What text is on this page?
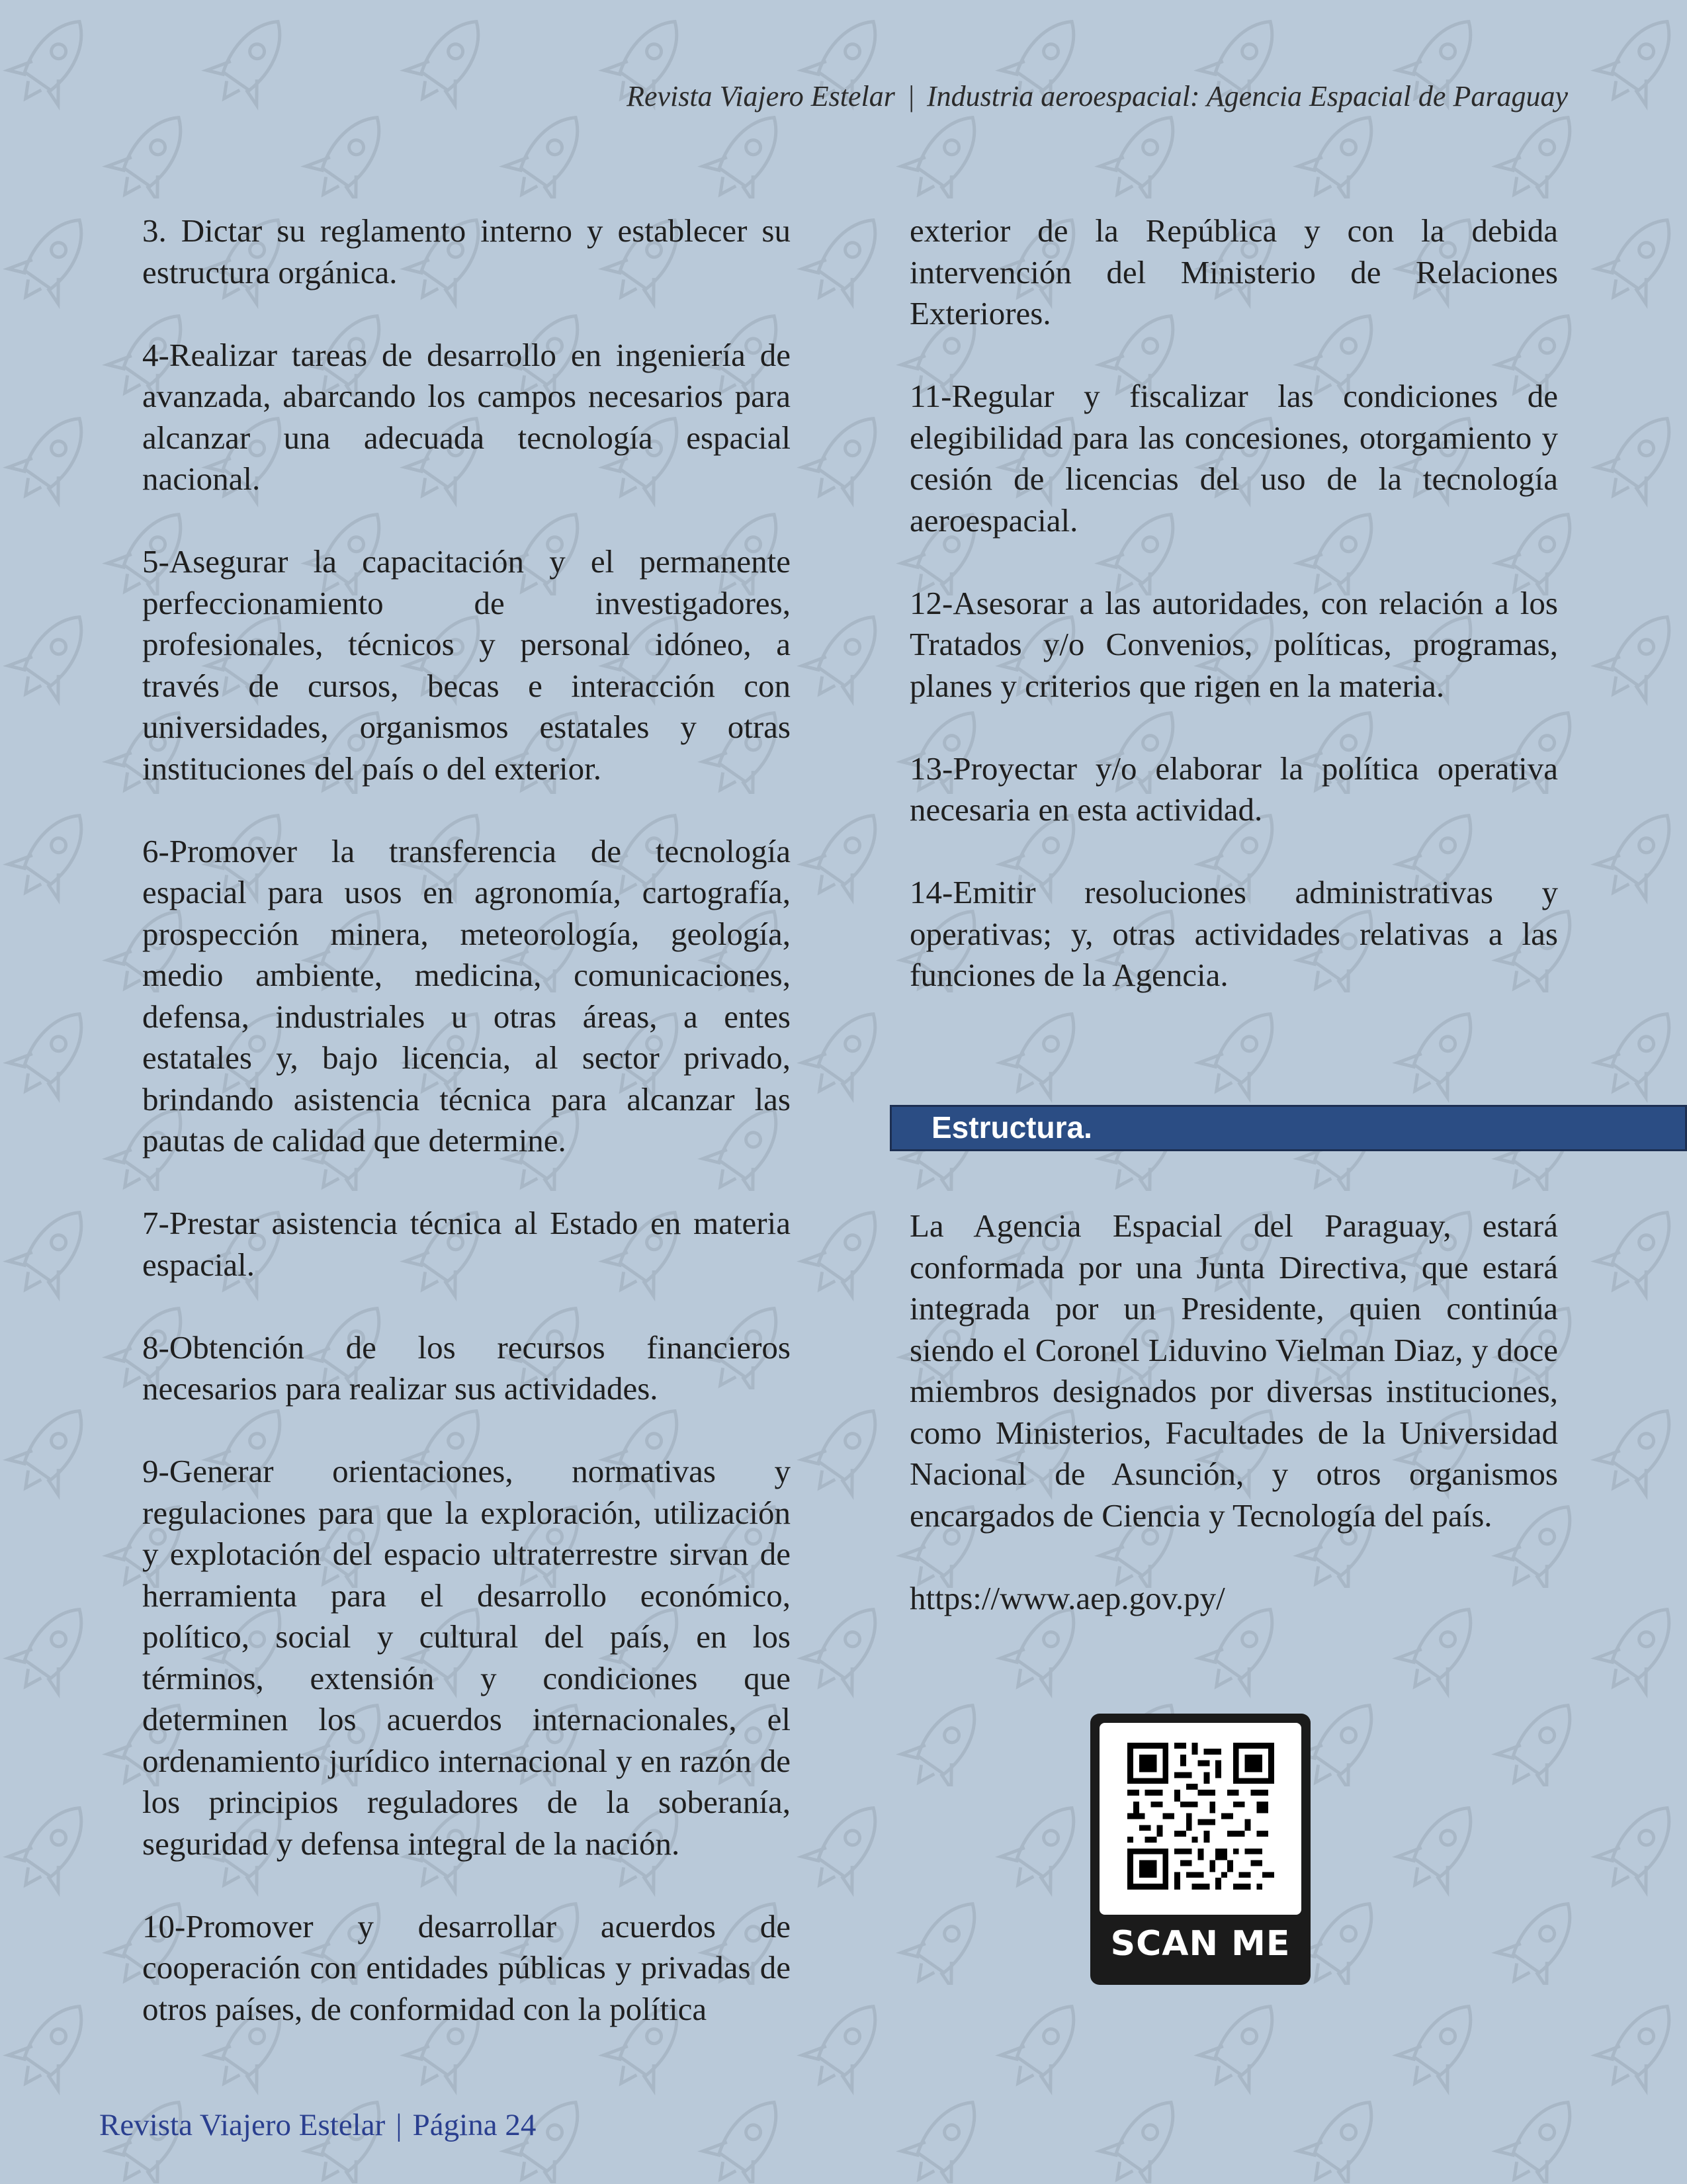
Revista Viajero Estelar | Industria aeroespacial: Agencia Espacial de Paraguay

3. Dictar su reglamento interno y establecer su estructura orgánica.

4-Realizar tareas de desarrollo en ingeniería de avanzada, abarcando los campos necesarios para alcanzar una adecuada tecnología espacial nacional.

5-Asegurar la capacitación y el permanente perfeccionamiento de investigadores, profesionales, técnicos y personal idóneo, a través de cursos, becas e interacción con universidades, organismos estatales y otras instituciones del país o del exterior.

6-Promover la transferencia de tecnología espacial para usos en agronomía, cartografía, prospección minera, meteorología, geología, medio ambiente, medicina, comunicaciones, defensa, industriales u otras áreas, a entes estatales y, bajo licencia, al sector privado, brindando asistencia técnica para alcanzar las pautas de calidad que determine.

7-Prestar asistencia técnica al Estado en materia espacial.

8-Obtención de los recursos financieros necesarios para realizar sus actividades.

9-Generar orientaciones, normativas y regulaciones para que la exploración, utilización y explotación del espacio ultraterrestre sirvan de herramienta para el desarrollo económico, político, social y cultural del país, en los términos, extensión y condiciones que determinen los acuerdos internacionales, el ordenamiento jurídico internacional y en razón de los principios reguladores de la soberanía, seguridad y defensa integral de la nación.

10-Promover y desarrollar acuerdos de cooperación con entidades públicas y privadas de otros países, de conformidad con la política

exterior de la República y con la debida intervención del Ministerio de Relaciones Exteriores.

11-Regular y fiscalizar las condiciones de elegibilidad para las concesiones, otorgamiento y cesión de licencias del uso de la tecnología aeroespacial.

12-Asesorar a las autoridades, con relación a los Tratados y/o Convenios, políticas, programas, planes y criterios que rigen en la materia.

13-Proyectar y/o elaborar la política operativa necesaria en esta actividad.

14-Emitir resoluciones administrativas y operativas; y, otras actividades relativas a las funciones de la Agencia.

Estructura.

La Agencia Espacial del Paraguay, estará conformada por una Junta Directiva, que estará integrada por un Presidente, quien continúa siendo el Coronel Liduvino Vielman Diaz, y doce miembros designados por diversas instituciones, como Ministerios, Facultades de la Universidad Nacional de Asunción, y otros organismos encargados de Ciencia y Tecnología del país.

https://www.aep.gov.py/

SCAN ME
Revista Viajero Estelar | Página 24
